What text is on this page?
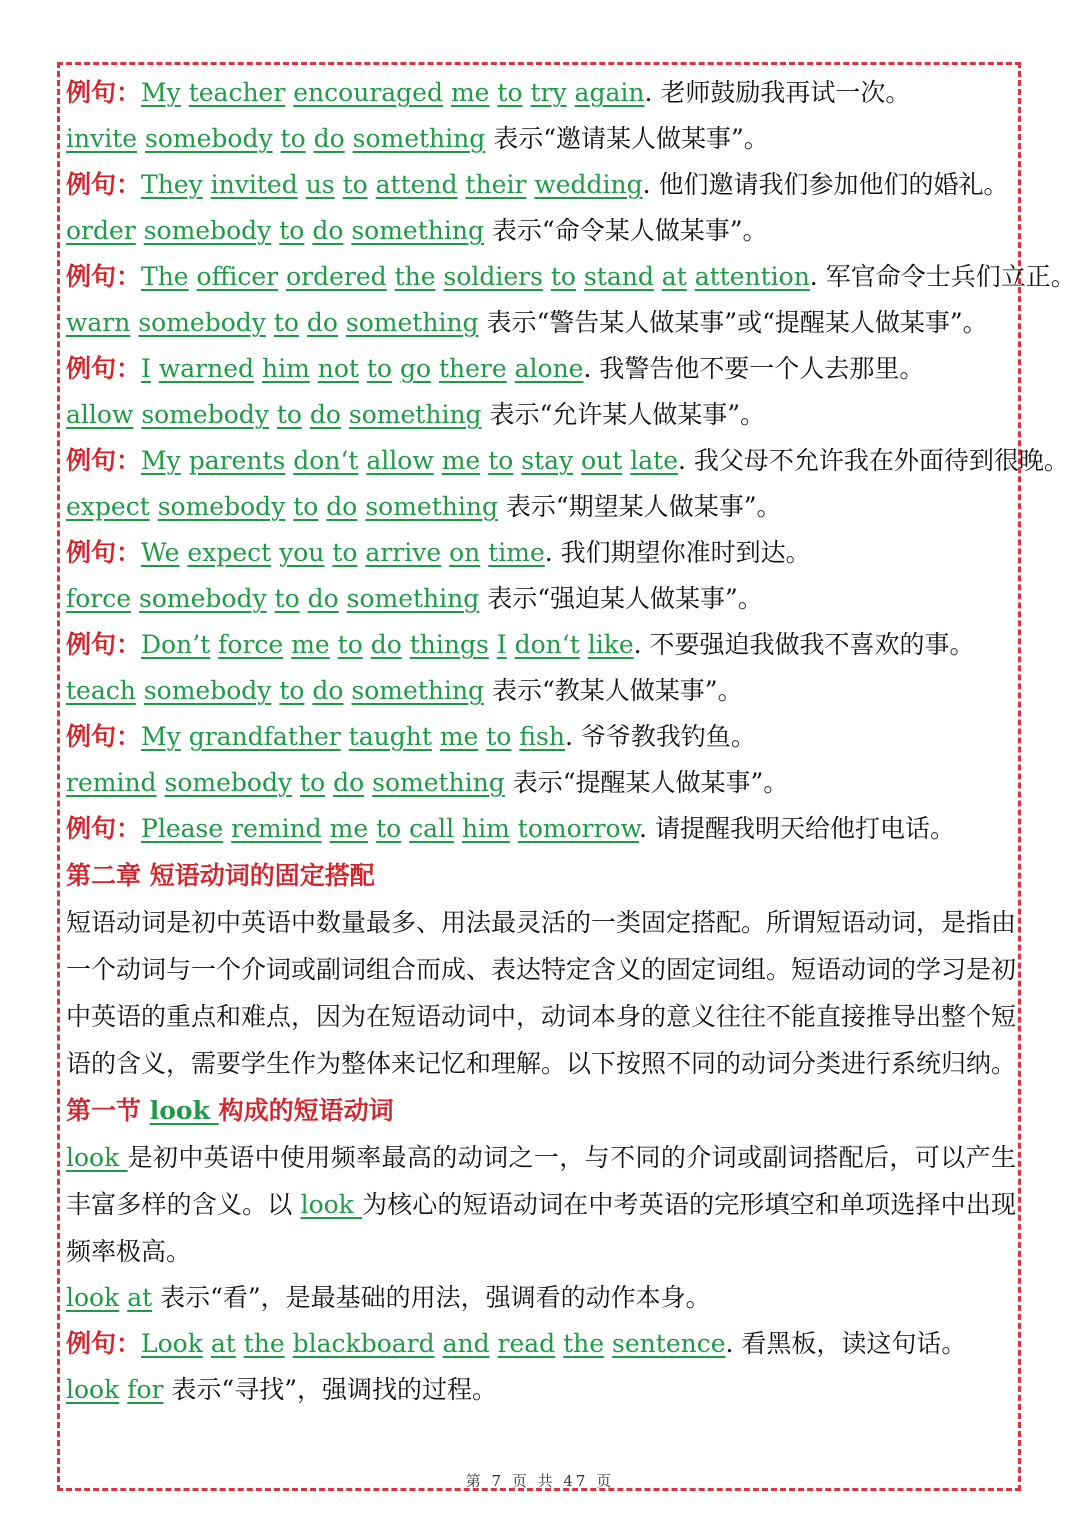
例句：My teacher encouraged me to try again. 老师鼓励我再试一次。
invite somebody to do something 表示“邀请某人做某事”。
例句：They invited us to attend their wedding. 他们邀请我们参加他们的婚礼。
order somebody to do something 表示“命令某人做某事”。
例句：The officer ordered the soldiers to stand at attention. 军官命令士兵们立正。
warn somebody to do something 表示“警告某人做某事”或“提醒某人做某事”。
例句：I warned him not to go there alone. 我警告他不要一个人去那里。
allow somebody to do something 表示“允许某人做某事”。
例句：My parents don‘t allow me to stay out late. 我父母不允许我在外面待到很晚。
expect somebody to do something 表示“期望某人做某事”。
例句：We expect you to arrive on time. 我们期望你准时到达。
force somebody to do something 表示“强迫某人做某事”。
例句：Don’t force me to do things I don‘t like. 不要强迫我做我不喜欢的事。
teach somebody to do something 表示“教某人做某事”。
例句：My grandfather taught me to fish. 爷爷教我钓鱼。
remind somebody to do something 表示“提醒某人做某事”。
例句：Please remind me to call him tomorrow. 请提醒我明天给他打电话。
第二章 短语动词的固定搭配
短语动词是初中英语中数量最多、用法最灵活的一类固定搭配。所谓短语动词，是指由一个动词与一个介词或副词组合而成、表达特定含义的固定词组。短语动词的学习是初中英语的重点和难点，因为在短语动词中，动词本身的意义往往不能直接推导出整个短语的含义，需要学生作为整体来记忆和理解。以下按照不同的动词分类进行系统归纳。
第一节 look 构成的短语动词
look 是初中英语中使用频率最高的动词之一，与不同的介词或副词搭配后，可以产生丰富多样的含义。以 look 为核心的短语动词在中考英语的完形填空和单项选择中出现频率极高。
look at 表示“看”，是最基础的用法，强调看的动作本身。
例句：Look at the blackboard and read the sentence. 看黑板，读这句话。
look for 表示“寻找”，强调找的过程。
第 7 页 共 47 页
